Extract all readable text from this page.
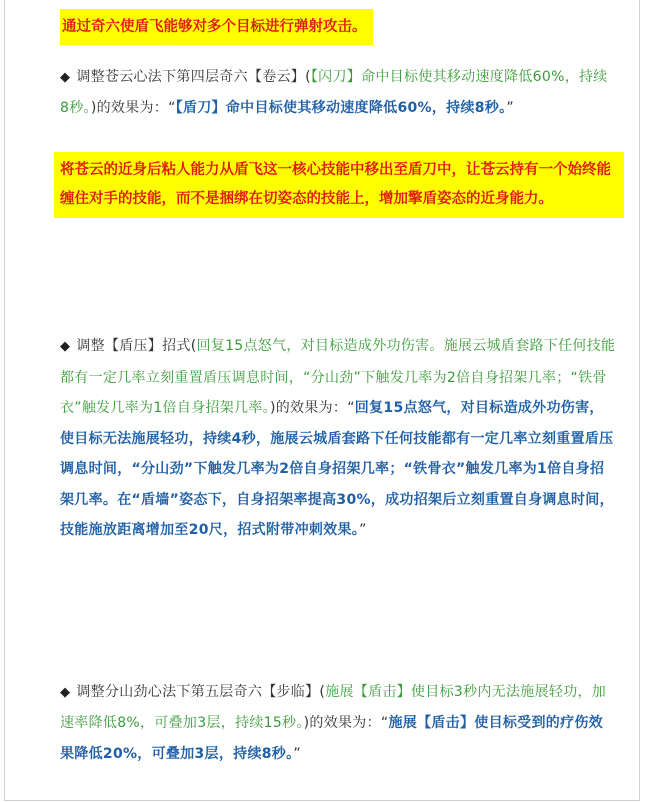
通过奇六使盾飞能够对多个目标进行弹射攻击。
◆ 调整苍云心法下第四层奇六【卷云】(【闪刀】命中目标使其移动速度降低60%，持续8秒。)的效果为：“【盾刀】命中目标使其移动速度降低60%，持续8秒。”
将苍云的近身后粘人能力从盾飞这一核心技能中移出至盾刀中，让苍云持有一个始终能缠住对手的技能，而不是捆绑在切姿态的技能上，增加擎盾姿态的近身能力。
◆ 调整【盾压】招式(回复15点怒气，对目标造成外功伤害。施展云城盾套路下任何技能都有一定几率立刻重置盾压调息时间，“分山劲”下触发几率为2倍自身招架几率；“铁骨衣”触发几率为1倍自身招架几率。)的效果为：“回复15点怒气，对目标造成外功伤害，使目标无法施展轻功，持续4秒，施展云城盾套路下任何技能都有一定几率立刻重置盾压调息时间，“分山劲”下触发几率为2倍自身招架几率；“铁骨衣”触发几率为1倍自身招架几率。在“盾墙”姿态下，自身招架率提高30%，成功招架后立刻重置自身调息时间，技能施放距离增加至20尺，招式附带冲刺效果。”
◆ 调整分山劲心法下第五层奇六【步临】(施展【盾击】使目标3秒内无法施展轻功，加速率降低8%，可叠加3层，持续15秒。)的效果为：“施展【盾击】使目标受到的疗伤效果降低20%，可叠加3层，持续8秒。”
